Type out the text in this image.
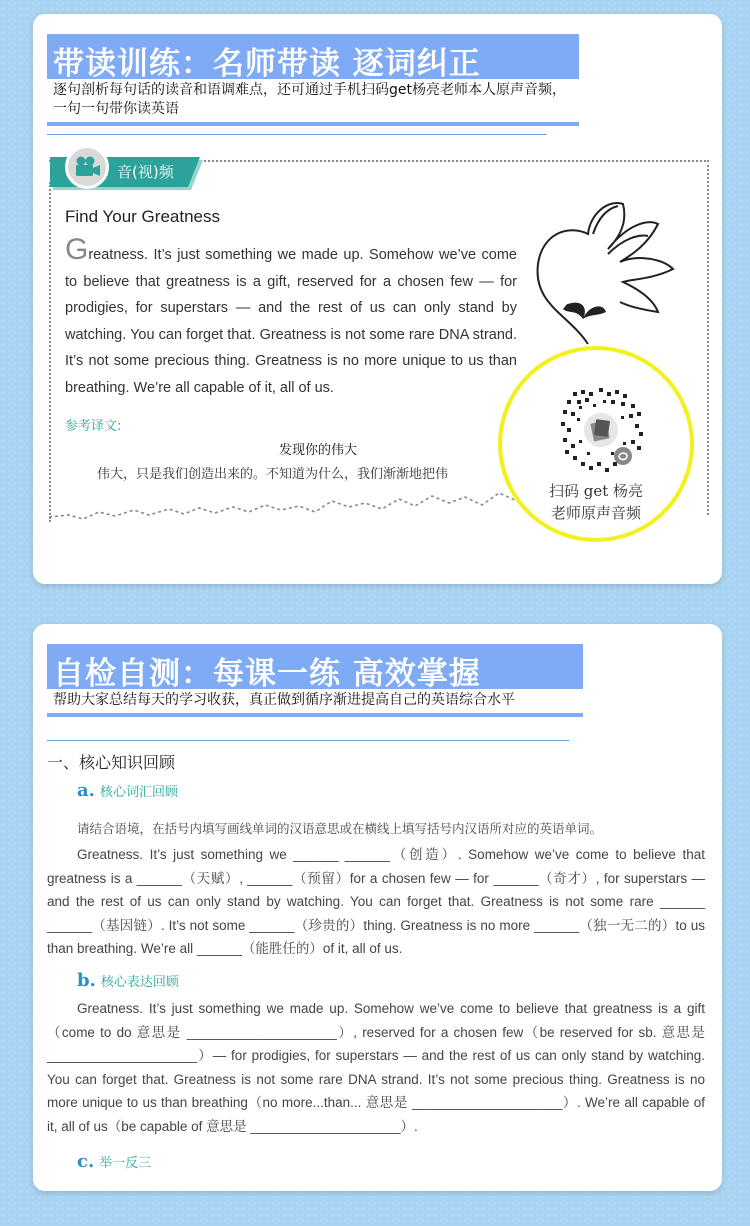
带读训练：名师带读 逐词纠正
逐句剖析每句话的读音和语调难点，还可通过手机扫码get杨亮老师本人原声音频，一句一句带你读英语
音(视)频
Find Your Greatness
Greatness. It’s just something we made up. Somehow we’ve come to believe that greatness is a gift, reserved for a chosen few — for prodigies, for superstars — and the rest of us can only stand by watching. You can forget that. Greatness is not some rare DNA strand. It’s not some precious thing. Greatness is no more unique to us than breathing. We’re all capable of it, all of us.
参考译文:
发现你的伟大
伟大，只是我们创造出来的。不知道为什么，我们渐渐地把伟
扫码 get 杨亮
老师原声音频
自检自测：每课一练 高效掌握
帮助大家总结每天的学习收获，真正做到循序渐进提高自己的英语综合水平
一、核心知识回顾
a. 核心词汇回顾
请结合语境，在括号内填写画线单词的汉语意思或在横线上填写括号内汉语所对应的英语单词。
Greatness. It’s just something we ______ ______（创造）. Somehow we’ve come to believe that greatness is a ______（天赋）, ______（预留）for a chosen few — for ______（奇才）, for superstars — and the rest of us can only stand by watching. You can forget that. Greatness is not some rare ______ ______（基因链）. It’s not some ______（珍贵的）thing. Greatness is no more ______（独一无二的）to us than breathing. We’re all ______（能胜任的）of it, all of us.
b. 核心表达回顾
Greatness. It’s just something we made up. Somehow we’ve come to believe that greatness is a gift（come to do 意思是 ____________________）, reserved for a chosen few（be reserved for sb. 意思是 ____________________）— for prodigies, for superstars — and the rest of us can only stand by watching. You can forget that. Greatness is not some rare DNA strand. It’s not some precious thing. Greatness is no more unique to us than breathing（no more...than... 意思是 ____________________）. We’re all capable of it, all of us（be capable of 意思是 ____________________）.
c. 举一反三
